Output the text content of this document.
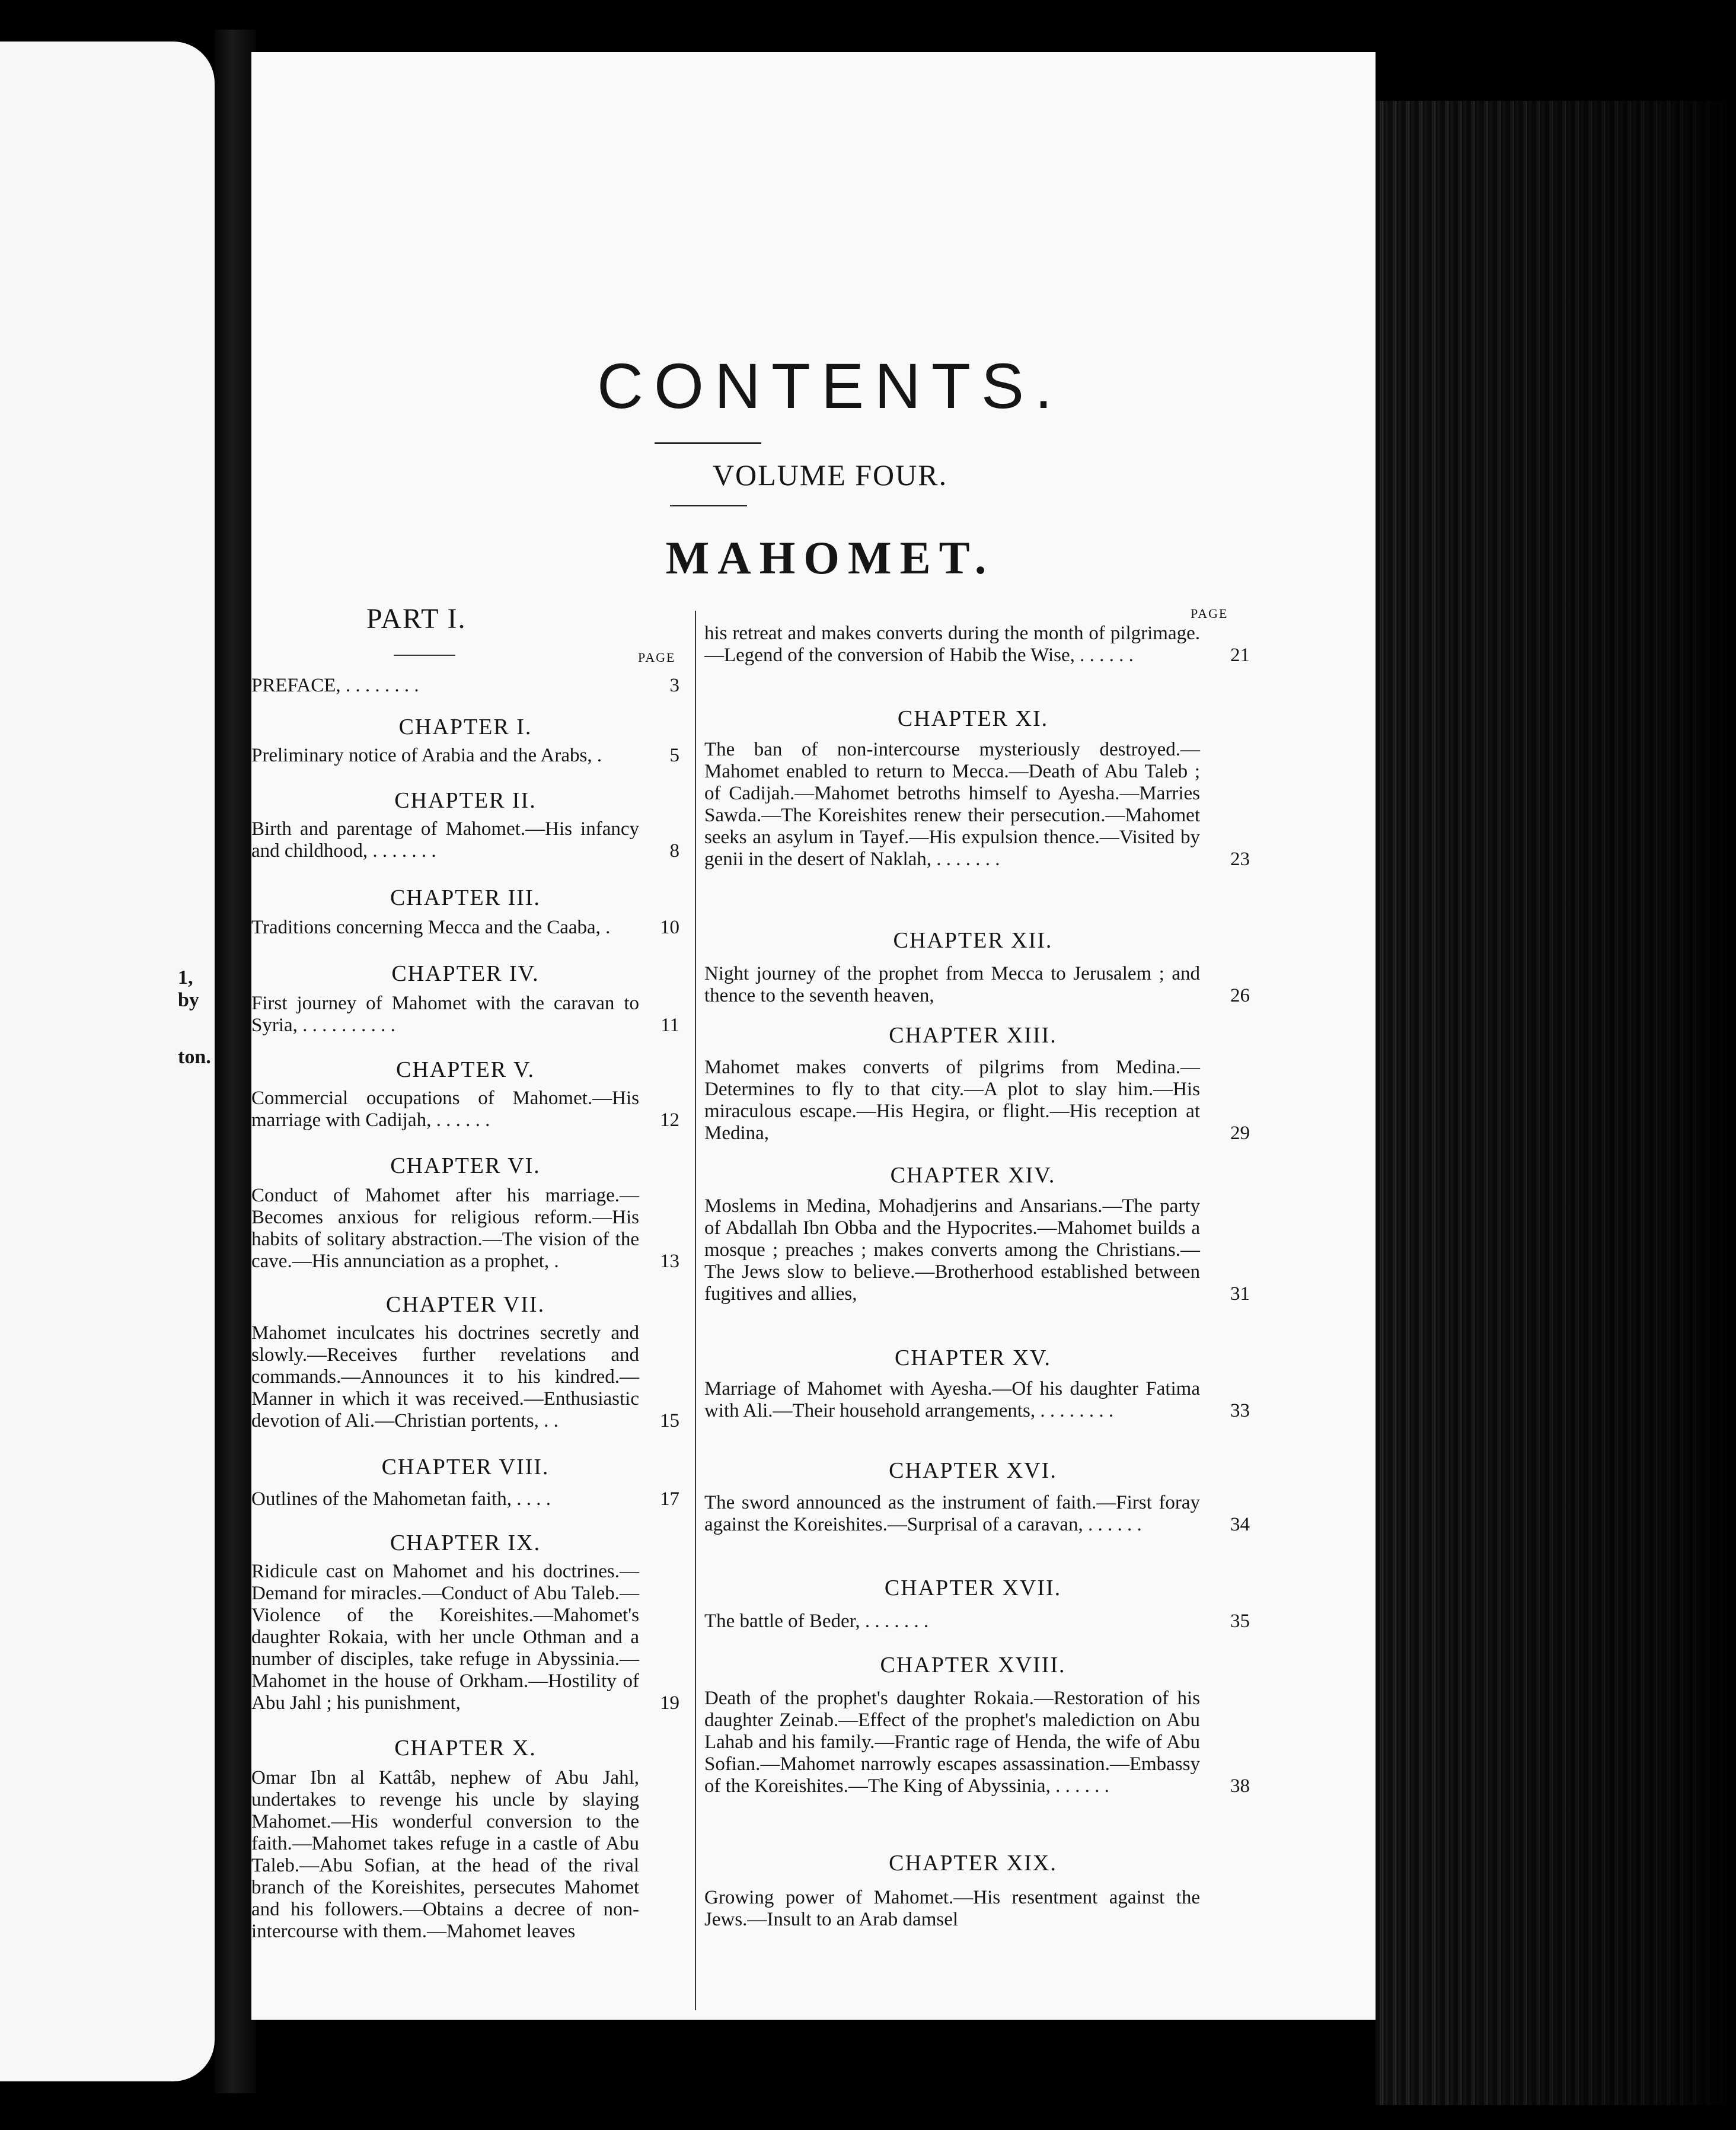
1, by
ton.
CONTENTS.
VOLUME FOUR.
MAHOMET.
PAGE
PART I.
PAGE
PREFACE, . . . . . . . .	3
CHAPTER I.
Preliminary notice of Arabia and the Arabs, .	5
CHAPTER II.
Birth and parentage of Mahomet.—His infancy and childhood, . . . . . . .	8
CHAPTER III.
Traditions concerning Mecca and the Caaba, .	10
CHAPTER IV.
First journey of Mahomet with the caravan to Syria, . . . . . . . . . .	11
CHAPTER V.
Commercial occupations of Mahomet.—His marriage with Cadijah, . . . . . .	12
CHAPTER VI.
Conduct of Mahomet after his marriage.—Becomes anxious for religious reform.—His habits of solitary abstraction.—The vision of the cave.—His annunciation as a prophet, .	13
CHAPTER VII.
Mahomet inculcates his doctrines secretly and slowly.—Receives further revelations and commands.—Announces it to his kindred.—Manner in which it was received.—Enthusiastic devotion of Ali.—Christian portents, . .	15
CHAPTER VIII.
Outlines of the Mahometan faith, . . . .	17
CHAPTER IX.
Ridicule cast on Mahomet and his doctrines.—Demand for miracles.—Conduct of Abu Taleb.—Violence of the Koreishites.—Mahomet's daughter Rokaia, with her uncle Othman and a number of disciples, take refuge in Abyssinia.—Mahomet in the house of Orkham.—Hostility of Abu Jahl ; his punishment,	19
CHAPTER X.
Omar Ibn al Kattâb, nephew of Abu Jahl, undertakes to revenge his uncle by slaying Mahomet.—His wonderful conversion to the faith.—Mahomet takes refuge in a castle of Abu Taleb.—Abu Sofian, at the head of the rival branch of the Koreishites, persecutes Mahomet and his followers.—Obtains a decree of non-intercourse with them.—Mahomet leaves
his retreat and makes converts during the month of pilgrimage.—Legend of the conversion of Habib the Wise, . . . . . .	21
CHAPTER XI.
The ban of non-intercourse mysteriously destroyed.—Mahomet enabled to return to Mecca.—Death of Abu Taleb ; of Cadijah.—Mahomet betroths himself to Ayesha.—Marries Sawda.—The Koreishites renew their persecution.—Mahomet seeks an asylum in Tayef.—His expulsion thence.—Visited by genii in the desert of Naklah, . . . . . . .	23
CHAPTER XII.
Night journey of the prophet from Mecca to Jerusalem ; and thence to the seventh heaven,	26
CHAPTER XIII.
Mahomet makes converts of pilgrims from Medina.—Determines to fly to that city.—A plot to slay him.—His miraculous escape.—His Hegira, or flight.—His reception at Medina,	29
CHAPTER XIV.
Moslems in Medina, Mohadjerins and Ansarians.—The party of Abdallah Ibn Obba and the Hypocrites.—Mahomet builds a mosque ; preaches ; makes converts among the Christians.—The Jews slow to believe.—Brotherhood established between fugitives and allies,	31
CHAPTER XV.
Marriage of Mahomet with Ayesha.—Of his daughter Fatima with Ali.—Their household arrangements, . . . . . . . .	33
CHAPTER XVI.
The sword announced as the instrument of faith.—First foray against the Koreishites.—Surprisal of a caravan, . . . . . .	34
CHAPTER XVII.
The battle of Beder, . . . . . . .	35
CHAPTER XVIII.
Death of the prophet's daughter Rokaia.—Restoration of his daughter Zeinab.—Effect of the prophet's malediction on Abu Lahab and his family.—Frantic rage of Henda, the wife of Abu Sofian.—Mahomet narrowly escapes assassination.—Embassy of the Koreishites.—The King of Abyssinia, . . . . . .	38
CHAPTER XIX.
Growing power of Mahomet.—His resentment against the Jews.—Insult to an Arab damsel
